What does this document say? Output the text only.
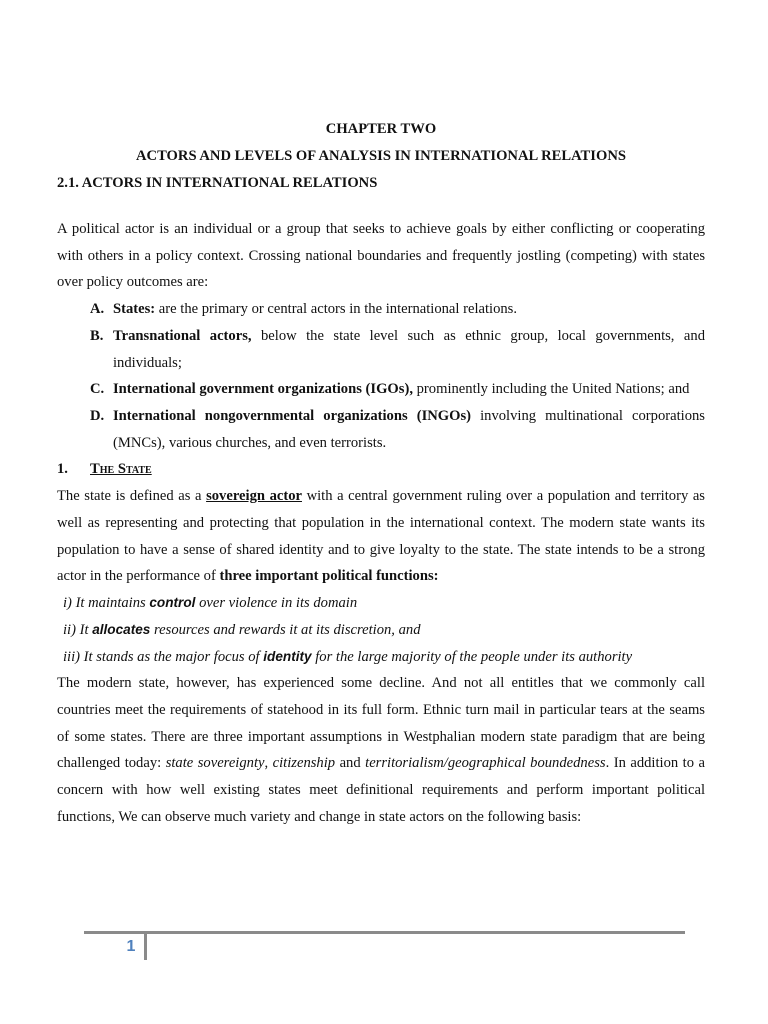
CHAPTER TWO
ACTORS AND LEVELS OF ANALYSIS IN INTERNATIONAL RELATIONS
2.1. ACTORS IN INTERNATIONAL RELATIONS
A political actor is an individual or a group that seeks to achieve goals by either conflicting or cooperating with others in a policy context. Crossing national boundaries and frequently jostling (competing) with states over policy outcomes are:
A. States: are the primary or central actors in the international relations.
B. Transnational actors, below the state level such as ethnic group, local governments, and individuals;
C. International government organizations (IGOs), prominently including the United Nations; and
D. International nongovernmental organizations (INGOs) involving multinational corporations (MNCs), various churches, and even terrorists.
1. The State
The state is defined as a sovereign actor with a central government ruling over a population and territory as well as representing and protecting that population in the international context. The modern state wants its population to have a sense of shared identity and to give loyalty to the state. The state intends to be a strong actor in the performance of three important political functions:
i) It maintains control over violence in its domain
ii) It allocates resources and rewards it at its discretion, and
iii) It stands as the major focus of identity for the large majority of the people under its authority
The modern state, however, has experienced some decline. And not all entitles that we commonly call countries meet the requirements of statehood in its full form. Ethnic turn mail in particular tears at the seams of some states. There are three important assumptions in Westphalian modern state paradigm that are being challenged today: state sovereignty, citizenship and territorialism/geographical boundedness. In addition to a concern with how well existing states meet definitional requirements and perform important political functions, We can observe much variety and change in state actors on the following basis:
1
